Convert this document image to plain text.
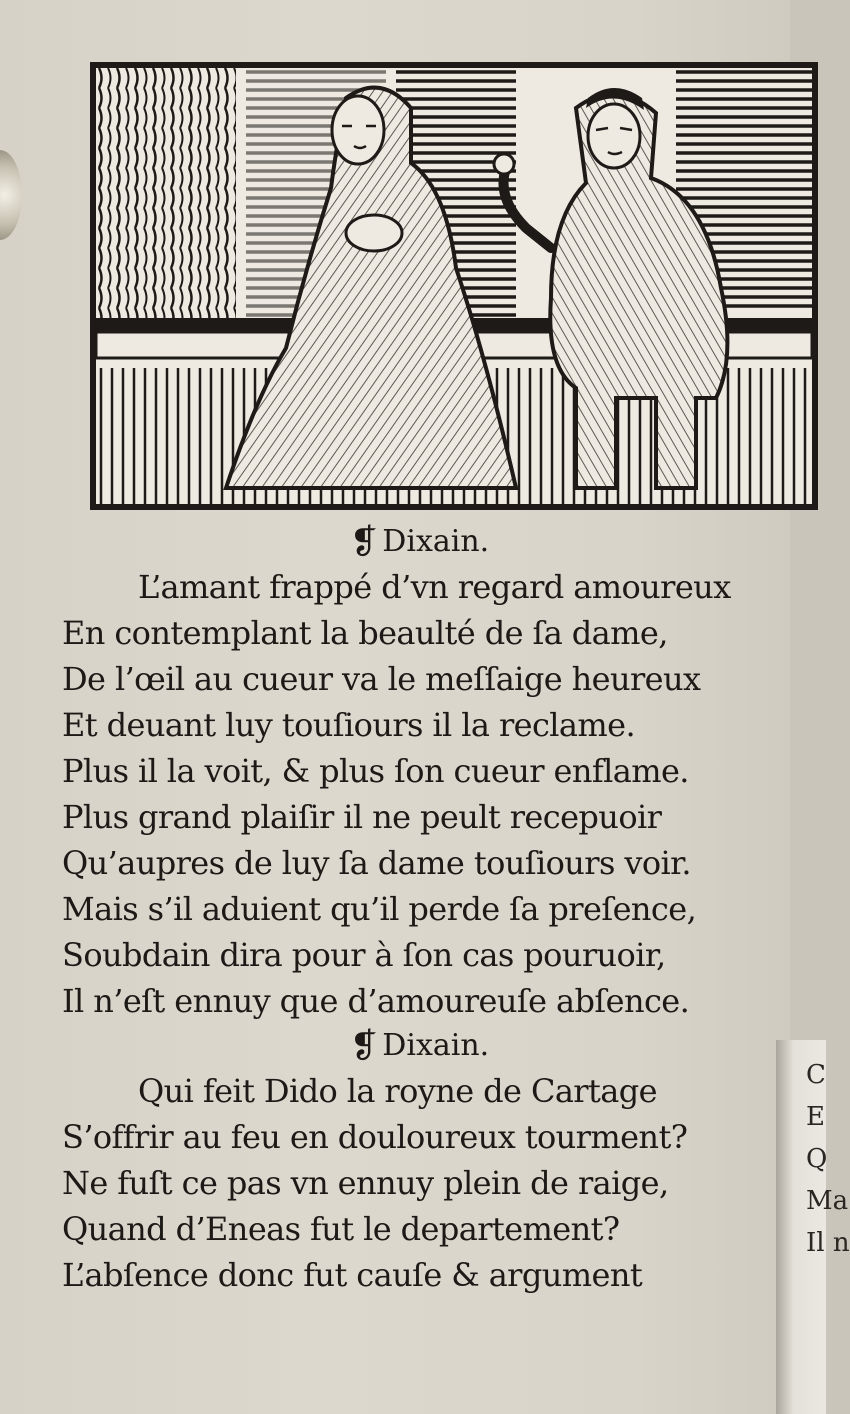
❡ Dixain.
L’amant frappé d’vn regard amoureux
En contemplant la beaulté de ſa dame,
De l’œil au cueur va le meſſaige heureux
Et deuant luy touſiours il la reclame.
Plus il la voit, & plus ſon cueur enflame.
Plus grand plaiſir il ne peult recepuoir
Qu’aupres de luy ſa dame touſiours voir.
Mais s’il aduient qu’il perde ſa preſence,
Soubdain dira pour à ſon cas pouruoir,
Il n’eſt ennuy que d’amoureuſe abſence.
❡ Dixain.
Qui feit Dido la royne de Cartage
S’offrir au feu en douloureux tourment?
Ne fuſt ce pas vn ennuy plein de raige,
Quand d’Eneas fut le departement?
L’abſence donc fut cauſe & argument
C
E
Q
Ma
Il n
